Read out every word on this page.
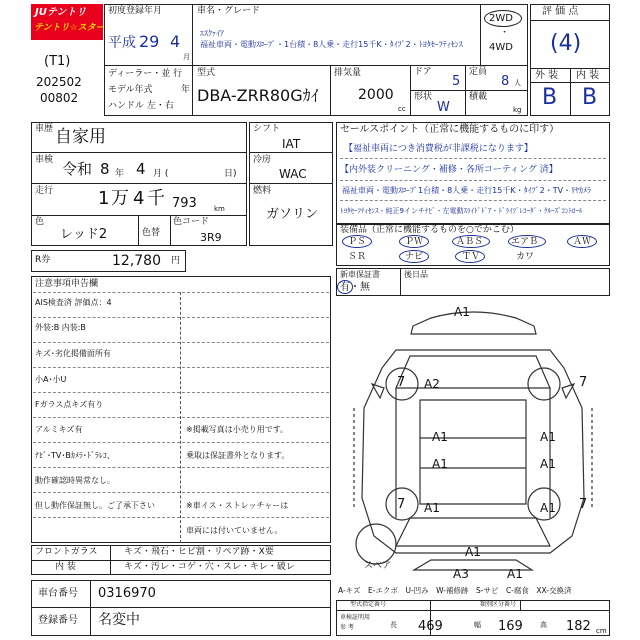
JUテントリ
テントリ☆スター
(T1)
202502
00802
初度登録年月
平成 29 4
月
ディーラー・並 行
モデル年式	年
ハンドル 左・右
車名・グレード
ｴｽｸｧｲｱ
福祉車両・電動ｽﾛｰﾌﾟ・1台積・8人乗・走行15千K・ﾀｲﾌﾟ2・ﾄﾖﾀｾｰﾌﾃｨｾﾝｽ
2WD
・
4WD
型式
DBA-ZRR80Gｶｲ
排気量
2000
cc
ドア
5
定員
8 人
形状
W
積載
kg
評 価 点
(4)
外 装 内 装
B B
車歴 自家用
車検 令和 8 年 4 月 (	日)
走行 1 万 4 千 793 km
色
レッド2	色替
色コード
3R9
シフト
IAT
冷房
WAC
燃料
ガソリン
R券	12,780 円
セールスポイント（正常に機能するものに印す）
【福祉車両につき消費税が非課税になります】
【内外装クリーニング・補修・各所コーティング 済】
福祉車両・電動ｽﾛｰﾌﾟ1台積・8人乗・走行15千K・ﾀｲﾌﾟ2・TV・ﾘﾔｶﾒﾗ
ﾄﾖﾀｾｰﾌﾃｨｾﾝｽ・純正9インチﾅﾋﾞ・左電動ｽﾗｲﾄﾞﾄﾞｱ・ﾄﾞﾗｲﾌﾞﾚｺｰﾀﾞ・ｸﾙｰｽﾞｺﾝﾄﾛｰﾙ
装備品（正常に機能するものを○でかこむ）
ＰＳ	ＰＷ	ＡＢＳ	エアＢ	ＡＷ
ＳＲ	ナビ	ＴＶ	カワ
新車保証書
有・無
後日品
注意事項申告欄
AIS検査済 評価点：4
外装:B 内装:B
キズ･劣化掲備面所有
小A･小U
Fガラス点キズ有り
アルミキズ有
ﾅﾋﾞ･TV･Bｶﾒﾗ･ﾄﾞﾗﾚｺ、
動作確認時異常なし。
但し動作保証無し。ご了承下さい
※掲載写真は小売り用です。
乗取は保証書外となります。
※車イス・ストレッチャーは
車両には付いていません。
フロントガラス	キズ・飛石・ヒビ割・リペア跡・X要
内 装	キズ・汚レ・コゲ・穴・スレ・キレ・破レ
車台番号 0316970
登録番号 名変中
A1
A2
A1	A1
A1	A1
A1	A1
A1
A3	A1
7	7
7	7
スペア
A-キズ　E-エクボ　U-凹み　W-補修跡　S-サビ　C-腐食　XX-交換済
型式指定番号	類別区分番号
車検証明用
参 考	長 469	幅 169 高 182 cm
